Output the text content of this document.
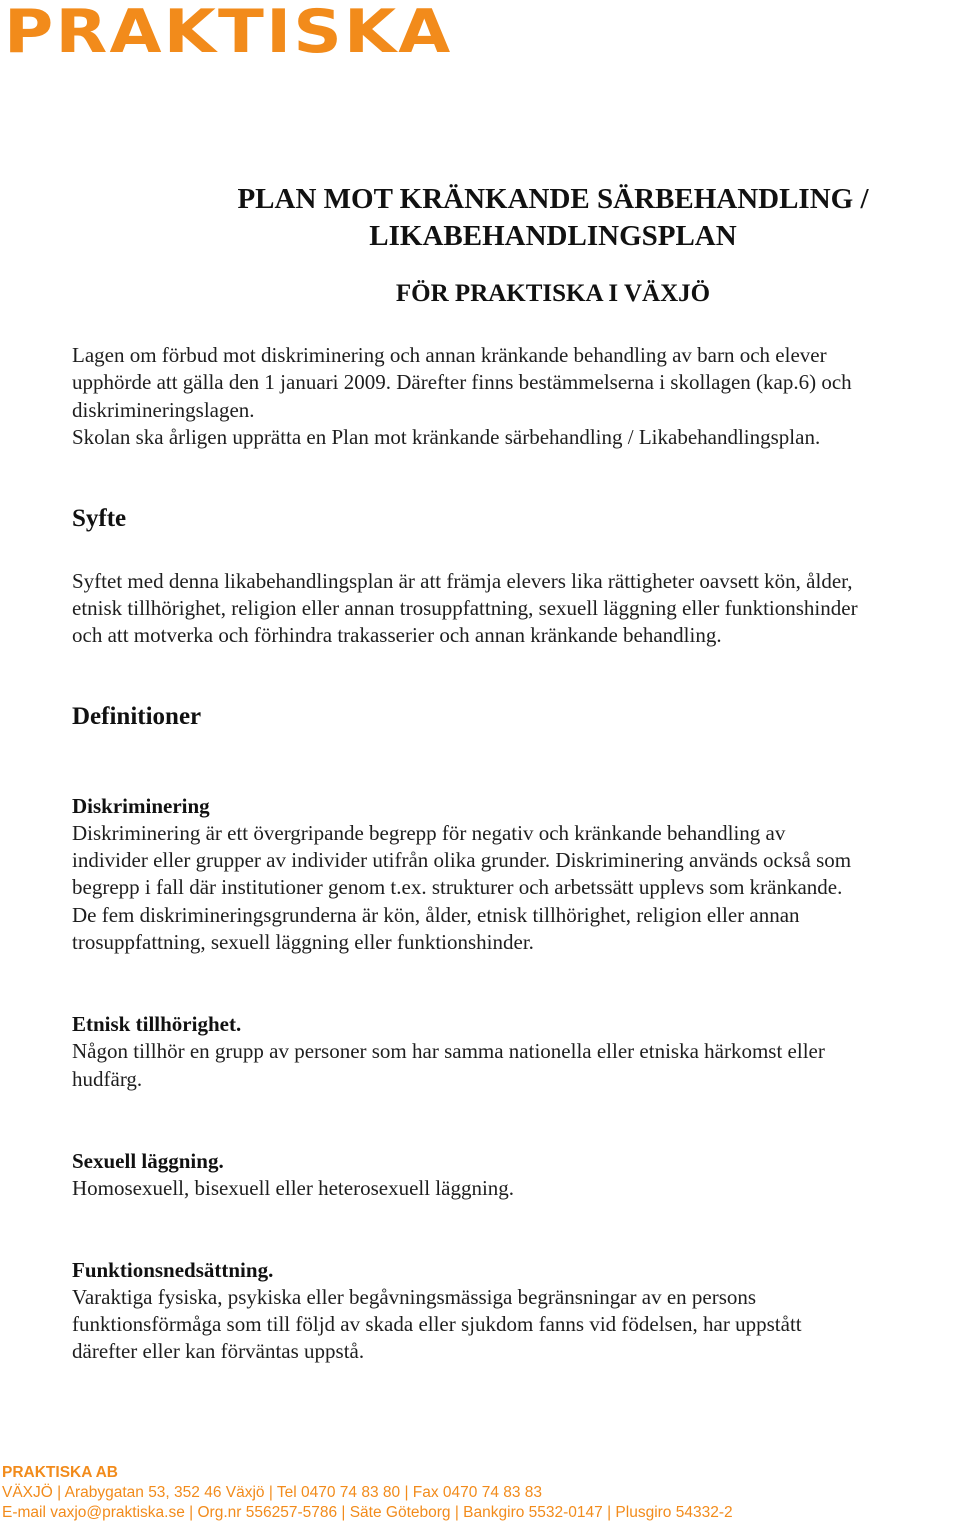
PRAKTISKA
PLAN MOT KRÄNKANDE SÄRBEHANDLING /
LIKABEHANDLINGSPLAN
FÖR PRAKTISKA I VÄXJÖ
Lagen om förbud mot diskriminering och annan kränkande behandling av barn och elever
upphörde att gälla den 1 januari 2009. Därefter finns bestämmelserna i skollagen (kap.6) och
diskrimineringslagen.
Skolan ska årligen upprätta en Plan mot kränkande särbehandling / Likabehandlingsplan.
Syfte
Syftet med denna likabehandlingsplan är att främja elevers lika rättigheter oavsett kön, ålder,
etnisk tillhörighet, religion eller annan trosuppfattning, sexuell läggning eller funktionshinder
och att motverka och förhindra trakasserier och annan kränkande behandling.
Definitioner
Diskriminering
Diskriminering är ett övergripande begrepp för negativ och kränkande behandling av
individer eller grupper av individer utifrån olika grunder. Diskriminering används också som
begrepp i fall där institutioner genom t.ex. strukturer och arbetssätt upplevs som kränkande.
De fem diskrimineringsgrunderna är kön, ålder, etnisk tillhörighet, religion eller annan
trosuppfattning, sexuell läggning eller funktionshinder.
Etnisk tillhörighet.
Någon tillhör en grupp av personer som har samma nationella eller etniska härkomst eller
hudfärg.
Sexuell läggning.
Homosexuell, bisexuell eller heterosexuell läggning.
Funktionsnedsättning.
Varaktiga fysiska, psykiska eller begåvningsmässiga begränsningar av en persons
funktionsförmåga som till följd av skada eller sjukdom fanns vid födelsen, har uppstått
därefter eller kan förväntas uppstå.
PRAKTISKA AB
VÄXJÖ | Arabygatan 53, 352 46 Växjö | Tel 0470 74 83 80 | Fax 0470 74 83 83
E-mail vaxjo@praktiska.se | Org.nr 556257-5786 | Säte Göteborg | Bankgiro 5532-0147 | Plusgiro 54332-2
